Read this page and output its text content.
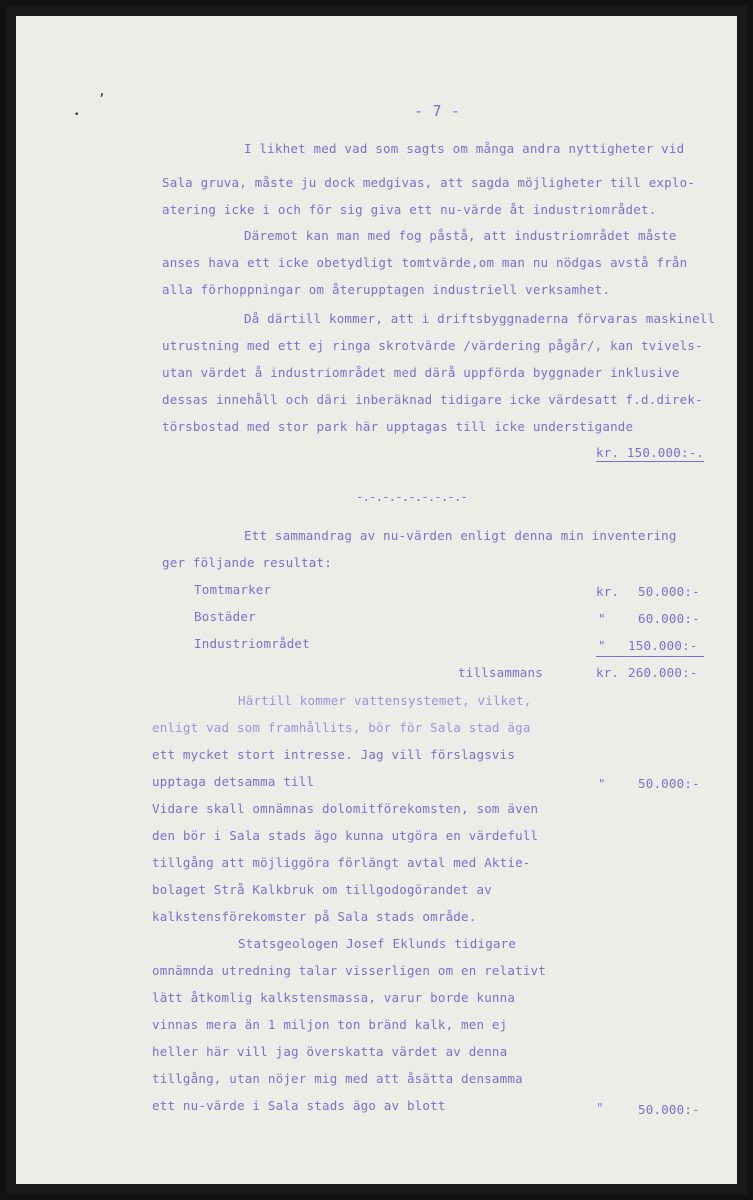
,
•	- 7 -
I likhet med vad som sagts om många andra nyttigheter vid
Sala gruva, måste ju dock medgivas, att sagda möjligheter till explo-
atering icke i och för sig giva ett nu-värde åt industriområdet.
Däremot kan man med fog påstå, att industriområdet måste
anses hava ett icke obetydligt tomtvärde,om man nu nödgas avstå från
alla förhoppningar om återupptagen industriell verksamhet.
Då därtill kommer, att i driftsbyggnaderna förvaras maskinell
utrustning med ett ej ringa skrotvärde /värdering pågår/, kan tvivels-
utan värdet å industriområdet med därå uppförda byggnader inklusive
dessas innehåll och däri inberäknad tidigare icke värdesatt f.d.direk-
törsbostad med stor park här upptagas till icke understigande
kr. 150.000:-.
-.-.-.-.-.-.-.-.-
Ett sammandrag av nu-värden enligt denna min inventering
ger följande resultat:
Tomtmarker	kr. 50.000:-
Bostäder	"	60.000:-
Industriområdet	" 150.000:-
tillsammans	kr. 260.000:-
Härtill kommer vattensystemet, vilket,
enligt vad som framhållits, bör för Sala stad äga
ett mycket stort intresse. Jag vill förslagsvis
upptaga detsamma till	"	50.000:-
Vidare skall omnämnas dolomitförekomsten, som även
den bör i Sala stads ägo kunna utgöra en värdefull
tillgång att möjliggöra förlängt avtal med Aktie-
bolaget Strå Kalkbruk om tillgodogörandet av
kalkstensförekomster på Sala stads område.
Statsgeologen Josef Eklunds tidigare
omnämnda utredning talar visserligen om en relativt
lätt åtkomlig kalkstensmassa, varur borde kunna
vinnas mera än 1 miljon ton bränd kalk, men ej
heller här vill jag överskatta värdet av denna
tillgång, utan nöjer mig med att åsätta densamma
ett nu-värde i Sala stads ägo av blott	"	50.000:-
